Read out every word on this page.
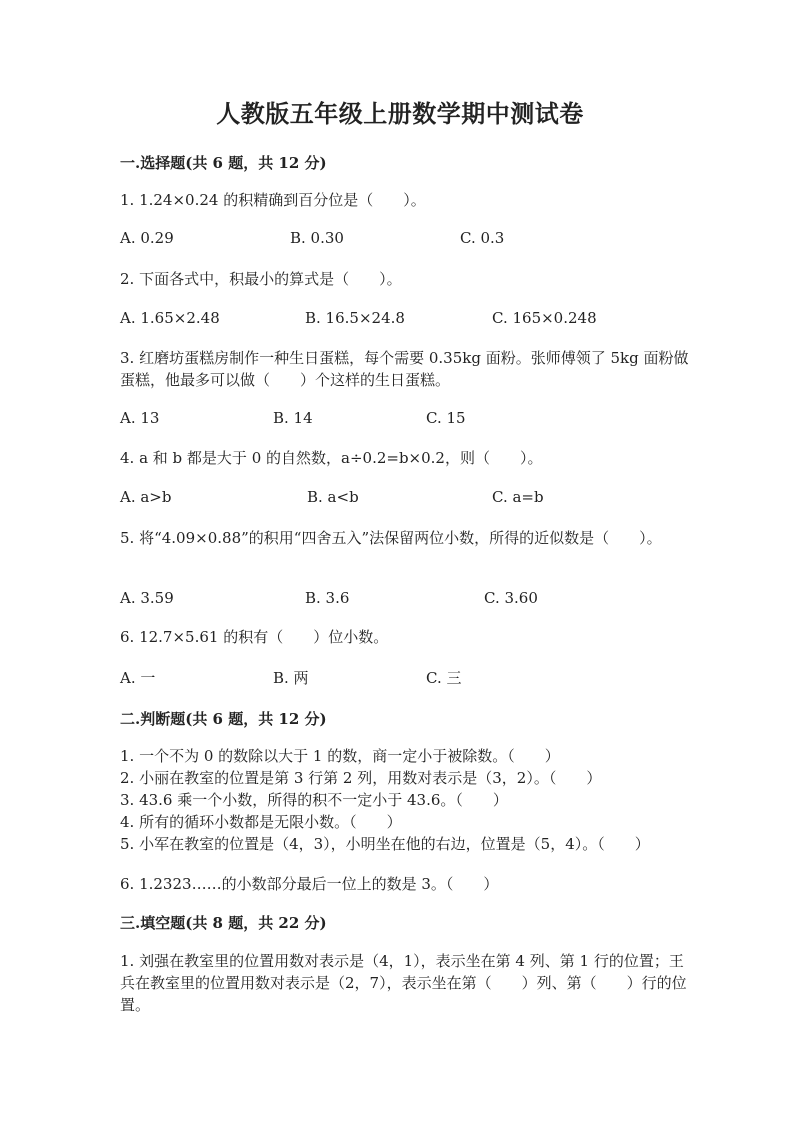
人教版五年级上册数学期中测试卷
一.选择题(共 6 题，共 12 分)
1. 1.24×0.24 的积精确到百分位是（　　）。
A. 0.29	B. 0.30	C. 0.3
2. 下面各式中，积最小的算式是（　　）。
A. 1.65×2.48	B. 16.5×24.8	C. 165×0.248
3. 红磨坊蛋糕房制作一种生日蛋糕，每个需要 0.35kg 面粉。张师傅领了 5kg 面粉做蛋糕，他最多可以做（　　）个这样的生日蛋糕。
A. 13	B. 14	C. 15
4. a 和 b 都是大于 0 的自然数，a÷0.2=b×0.2，则（　　）。
A. a>b	B. a<b	C. a=b
5. 将“4.09×0.88”的积用“四舍五入”法保留两位小数，所得的近似数是（　　）。
A. 3.59	B. 3.6	C. 3.60
6. 12.7×5.61 的积有（　　）位小数。
A. 一	B. 两	C. 三
二.判断题(共 6 题，共 12 分)
1. 一个不为 0 的数除以大于 1 的数，商一定小于被除数。（　　）
2. 小丽在教室的位置是第 3 行第 2 列，用数对表示是（3，2）。（　　）
3. 43.6 乘一个小数，所得的积不一定小于 43.6。（　　）
4. 所有的循环小数都是无限小数。（　　）
5. 小军在教室的位置是（4，3），小明坐在他的右边，位置是（5，4）。（　　）
6. 1.2323……的小数部分最后一位上的数是 3。（　　）
三.填空题(共 8 题，共 22 分)
1. 刘强在教室里的位置用数对表示是（4，1），表示坐在第 4 列、第 1 行的位置；王兵在教室里的位置用数对表示是（2，7），表示坐在第（　　）列、第（　　）行的位置。
